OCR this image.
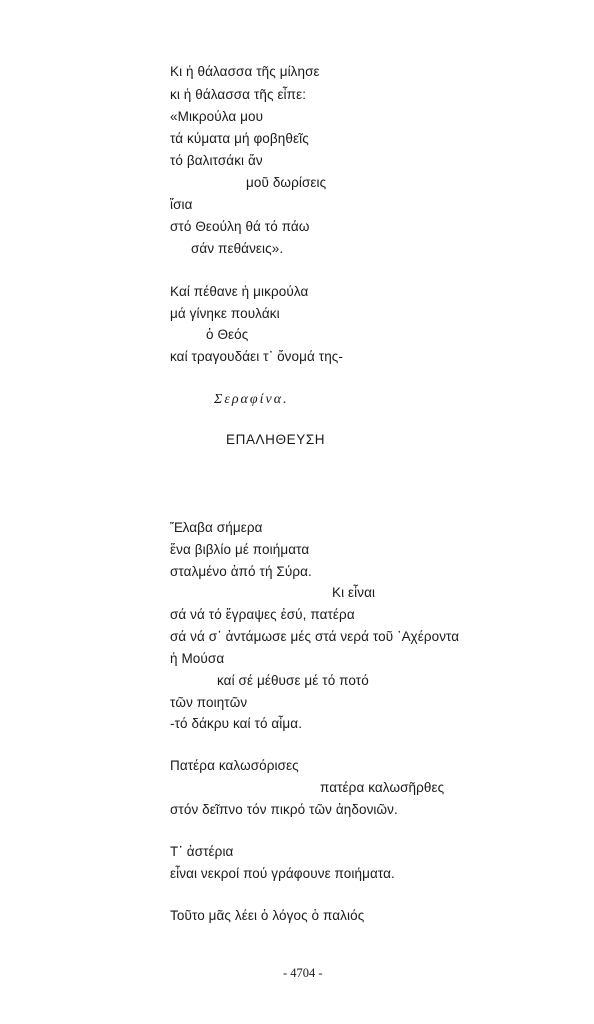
Κι ἡ θάλασσα τῆς μίλησε
κι ἡ θάλασσα τῆς εἶπε:
«Μικρούλα μου
τά κύματα μή φοβηθεῖς
τό βαλιτσάκι ἄν
μοῦ δωρίσεις
ἴσια
στό Θεούλη θά τό πάω
σάν πεθάνεις».
Καί πέθανε ἡ μικρούλα
μά γίνηκε πουλάκι
ὁ Θεός
καί τραγουδάει τ᾿ ὄνομά της-
Σεραφίνα.
ΕΠΑΛΗΘΕΥΣΗ
Ἔλαβα σήμερα
ἕνα βιβλίο μέ ποιήματα
σταλμένο ἀπό τή Σύρα.
Κι εἶναι
σά νά τό ἔγραψες ἐσύ, πατέρα
σά νά σ᾿ ἀντάμωσε μές στά νερά τοῦ ᾿Αχέροντα
ἡ Μούσα
καί σέ μέθυσε μέ τό ποτό
τῶν ποιητῶν
-τό δάκρυ καί τό αἷμα.
Πατέρα καλωσόρισες
πατέρα καλωσῆρθες
στόν δεῖπνο τόν πικρό τῶν ἀηδονιῶν.
Τ᾿ ἀστέρια
εἶναι νεκροί πού γράφουνε ποιήματα.
Τοῦτο μᾶς λέει ὁ λόγος ὁ παλιός
- 4704 -
